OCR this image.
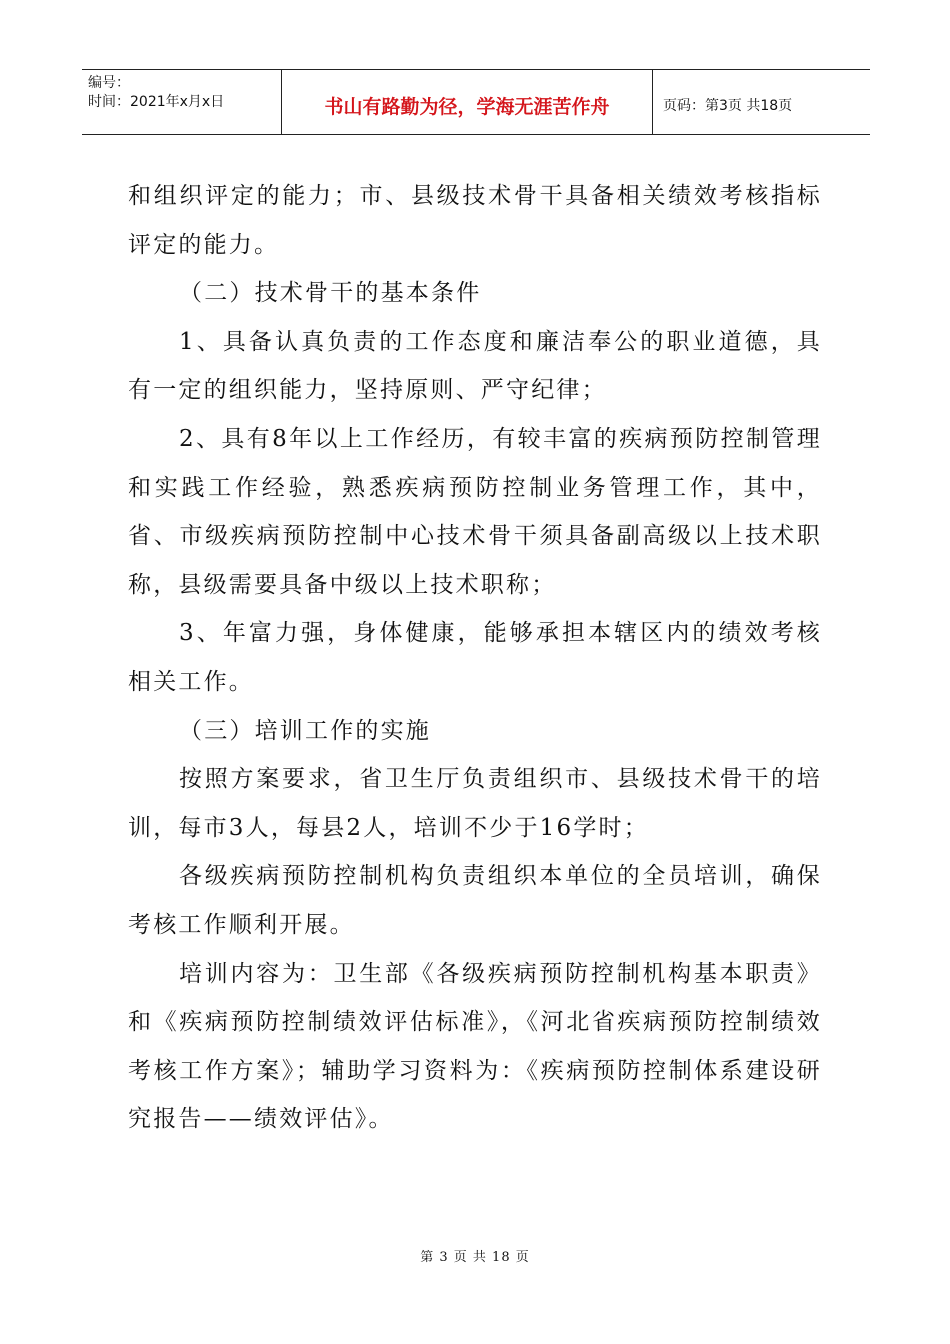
编号：
时间：2021年x月x日	书山有路勤为径，学海无涯苦作舟	页码：第3页 共18页

和组织评定的能力；市、县级技术骨干具备相关绩效考核指标评定的能力。

（二）技术骨干的基本条件

1、具备认真负责的工作态度和廉洁奉公的职业道德，具有一定的组织能力，坚持原则、严守纪律；

2、具有8年以上工作经历，有较丰富的疾病预防控制管理和实践工作经验，熟悉疾病预防控制业务管理工作，其中，省、市级疾病预防控制中心技术骨干须具备副高级以上技术职称，县级需要具备中级以上技术职称；

3、年富力强，身体健康，能够承担本辖区内的绩效考核相关工作。

（三）培训工作的实施

按照方案要求，省卫生厅负责组织市、县级技术骨干的培训，每市3人，每县2人，培训不少于16学时；

各级疾病预防控制机构负责组织本单位的全员培训，确保考核工作顺利开展。

培训内容为：卫生部《各级疾病预防控制机构基本职责》和《疾病预防控制绩效评估标准》，《河北省疾病预防控制绩效考核工作方案》；辅助学习资料为：《疾病预防控制体系建设研究报告——绩效评估》。

第 3 页 共 18 页
